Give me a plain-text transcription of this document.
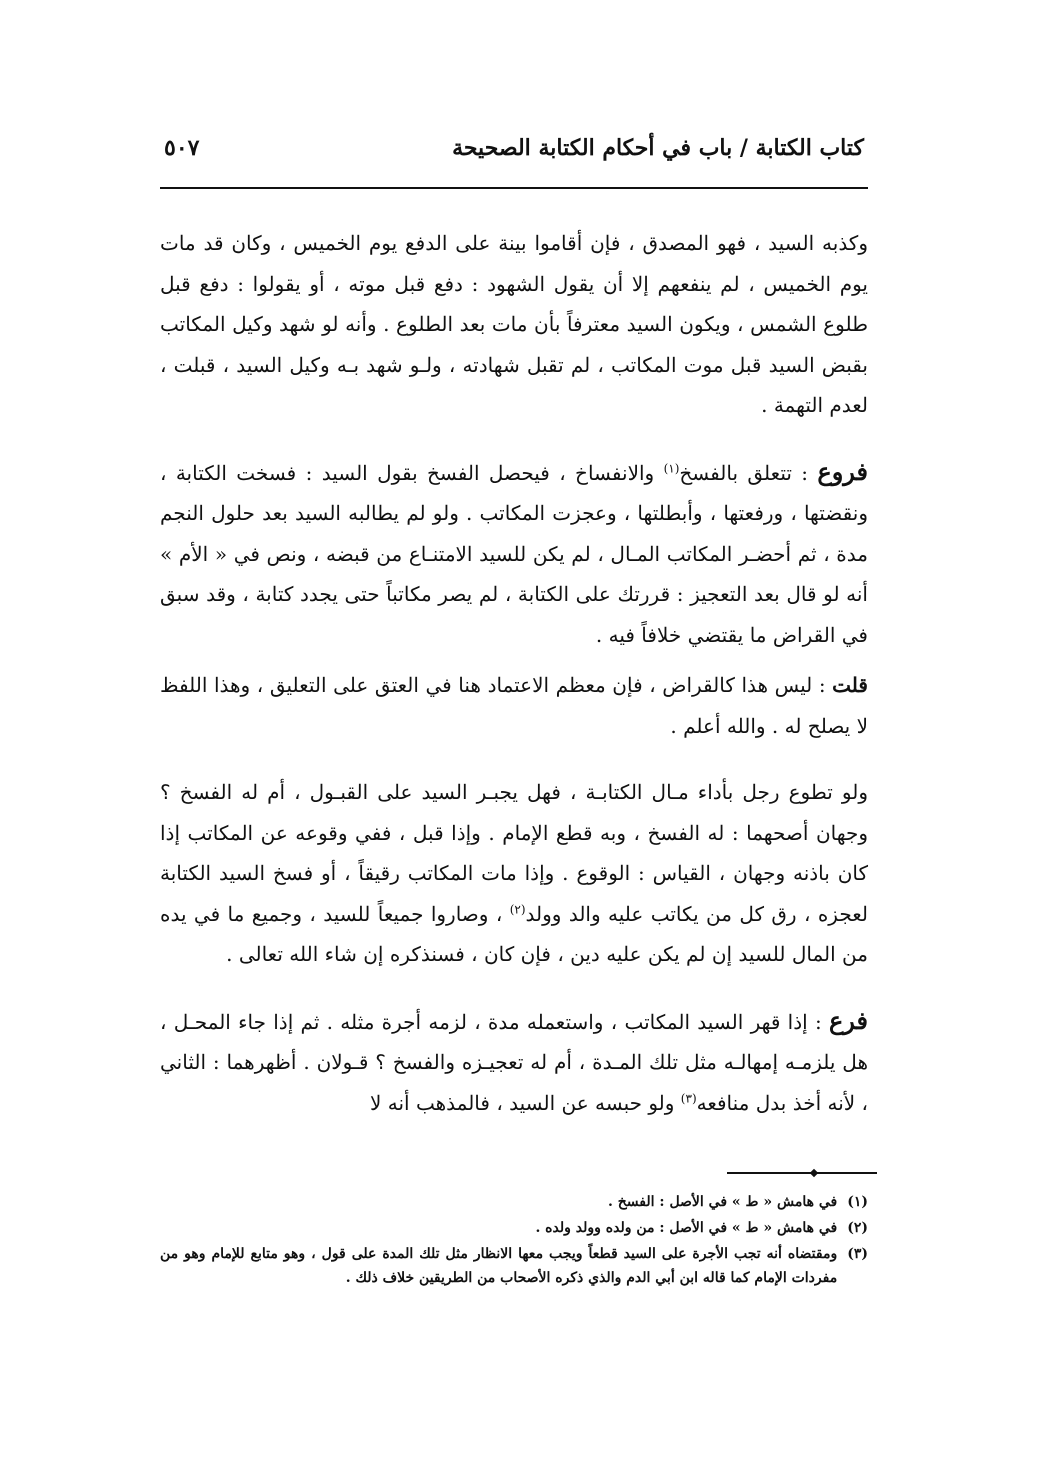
كتاب الكتابة / باب في أحكام الكتابة الصحيحة
٥٠٧

وكذبه السيد ، فهو المصدق ، فإن أقاموا بينة على الدفع يوم الخميس ، وكان قد مات يوم الخميس ، لم ينفعهم إلا أن يقول الشهود : دفع قبل موته ، أو يقولوا : دفع قبل طلوع الشمس ، ويكون السيد معترفاً بأن مات بعد الطلوع . وأنه لو شهد وكيل المكاتب بقبض السيد قبل موت المكاتب ، لم تقبل شهادته ، ولـو شهد بـه وكيل السيد ، قبلت ، لعدم التهمة .

فروع : تتعلق بالفسخ$^{(١)}$ والانفساخ ، فيحصل الفسخ بقول السيد : فسخت الكتابة ، ونقضتها ، ورفعتها ، وأبطلتها ، وعجزت المكاتب . ولو لم يطالبه السيد بعد حلول النجم مدة ، ثم أحضـر المكاتب المـال ، لم يكن للسيد الامتنـاع من قبضه ، ونص في « الأم » أنه لو قال بعد التعجيز : قررتك على الكتابة ، لم يصر مكاتباً حتى يجدد كتابة ، وقد سبق في القراض ما يقتضي خلافاً فيه .

قلت : ليس هذا كالقراض ، فإن معظم الاعتماد هنا في العتق على التعليق ، وهذا اللفظ لا يصلح له . والله أعلم .

ولو تطوع رجل بأداء مـال الكتابـة ، فهل يجبـر السيد على القبـول ، أم له الفسخ ؟ وجهان أصحهما : له الفسخ ، وبه قطع الإمام . وإذا قبل ، ففي وقوعه عن المكاتب إذا كان باذنه وجهان ، القياس : الوقوع . وإذا مات المكاتب رقيقاً ، أو فسخ السيد الكتابة لعجزه ، رق كل من يكاتب عليه والد وولد$^{(٢)}$ ، وصاروا جميعاً للسيد ، وجميع ما في يده من المال للسيد إن لم يكن عليه دين ، فإن كان ، فسنذكره إن شاء الله تعالى .

فرع : إذا قهر السيد المكاتب ، واستعمله مدة ، لزمه أجرة مثله . ثم إذا جاء المحـل ، هل يلزمـه إمهالـه مثل تلك المـدة ، أم له تعجيـزه والفسخ ؟ قـولان . أظهرهما : الثاني ، لأنه أخذ بدل منافعه$^{(٣)}$ ولو حبسه عن السيد ، فالمذهب أنه لا

(١)
في هامش « ط » في الأصل : الفسخ .
(٢)
في هامش « ط » في الأصل : من ولده وولد ولده .
(٣)
ومقتضاه أنه تجب الأجرة على السيد قطعاً ويجب معها الانظار مثل تلك المدة على قول ، وهو متابع للإمام وهو من مفردات الإمام كما قاله ابن أبي الدم والذي ذكره الأصحاب من الطريقين خلاف ذلك .
